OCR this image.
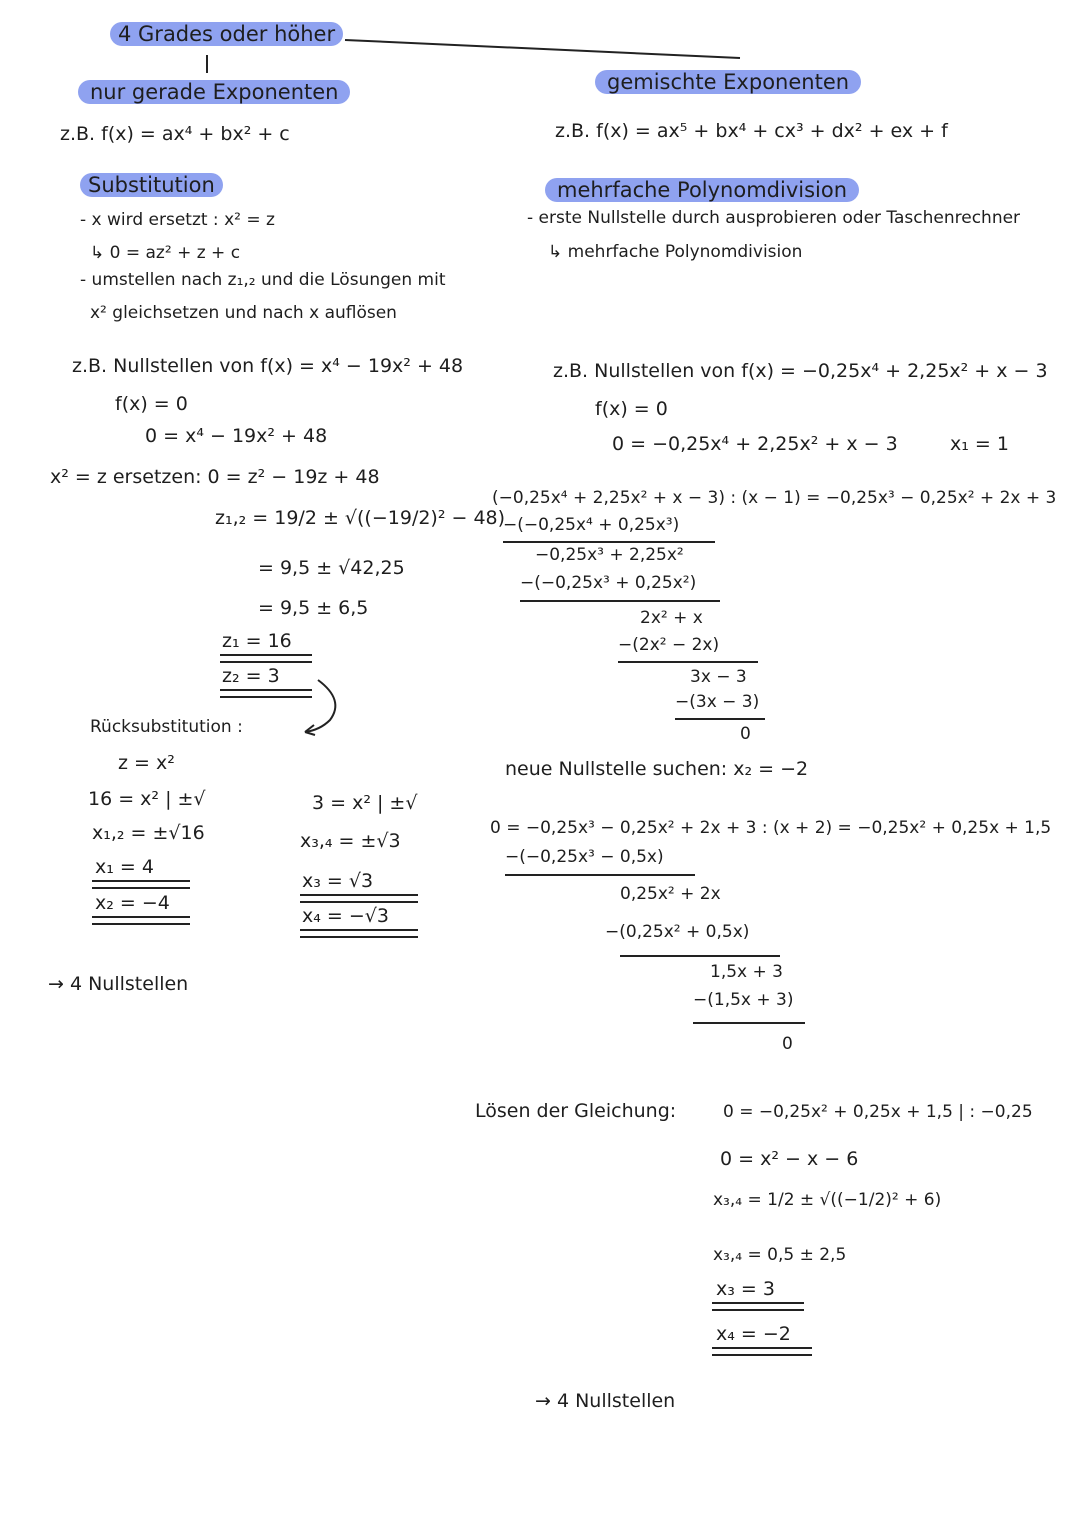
4 Grades oder höher
nur gerade Exponenten	gemischte Exponenten
z.B. f(x) = ax⁴ + bx² + c
Substitution
- x wird ersetzt : x² = z
↳ 0 = az² + z + c
- umstellen nach z₁,₂ und die Lösungen mit
x² gleichsetzen und nach x auflösen
z.B. Nullstellen von f(x) = x⁴ − 19x² + 48
f(x) = 0
0 = x⁴ − 19x² + 48
x² = z ersetzen: 0 = z² − 19z + 48
z₁,₂ = 19/2 ± √((−19/2)² − 48)
= 9,5 ± √42,25
= 9,5 ± 6,5
z₁ = 16
z₂ = 3
Rücksubstitution :
z = x²
16 = x² | ±√
x₁,₂ = ±√16
x₁ = 4
x₂ = −4
3 = x² | ±√
x₃,₄ = ±√3
x₃ = √3
x₄ = −√3
→ 4 Nullstellen
z.B. f(x) = ax⁵ + bx⁴ + cx³ + dx² + ex + f
mehrfache Polynomdivision
- erste Nullstelle durch ausprobieren oder Taschenrechner
↳ mehrfache Polynomdivision
z.B. Nullstellen von f(x) = −0,25x⁴ + 2,25x² + x − 3
f(x) = 0
0 = −0,25x⁴ + 2,25x² + x − 3	x₁ = 1
(−0,25x⁴ + 2,25x² + x − 3) : (x − 1) = −0,25x³ − 0,25x² + 2x + 3
−(−0,25x⁴ + 0,25x³)
−0,25x³ + 2,25x²
−(−0,25x³ + 0,25x²)
2x² + x
−(2x² − 2x)
3x − 3
−(3x − 3)
0
neue Nullstelle suchen: x₂ = −2
0 = −0,25x³ − 0,25x² + 2x + 3 : (x + 2) = −0,25x² + 0,25x + 1,5
−(−0,25x³ − 0,5x)
0,25x² + 2x
−(0,25x² + 0,5x)
1,5x + 3
−(1,5x + 3)
0
Lösen der Gleichung:	0 = −0,25x² + 0,25x + 1,5 | : −0,25
0 = x² − x − 6
x₃,₄ = 1/2 ± √((−1/2)² + 6)
x₃,₄ = 0,5 ± 2,5
x₃ = 3
x₄ = −2
→ 4 Nullstellen
